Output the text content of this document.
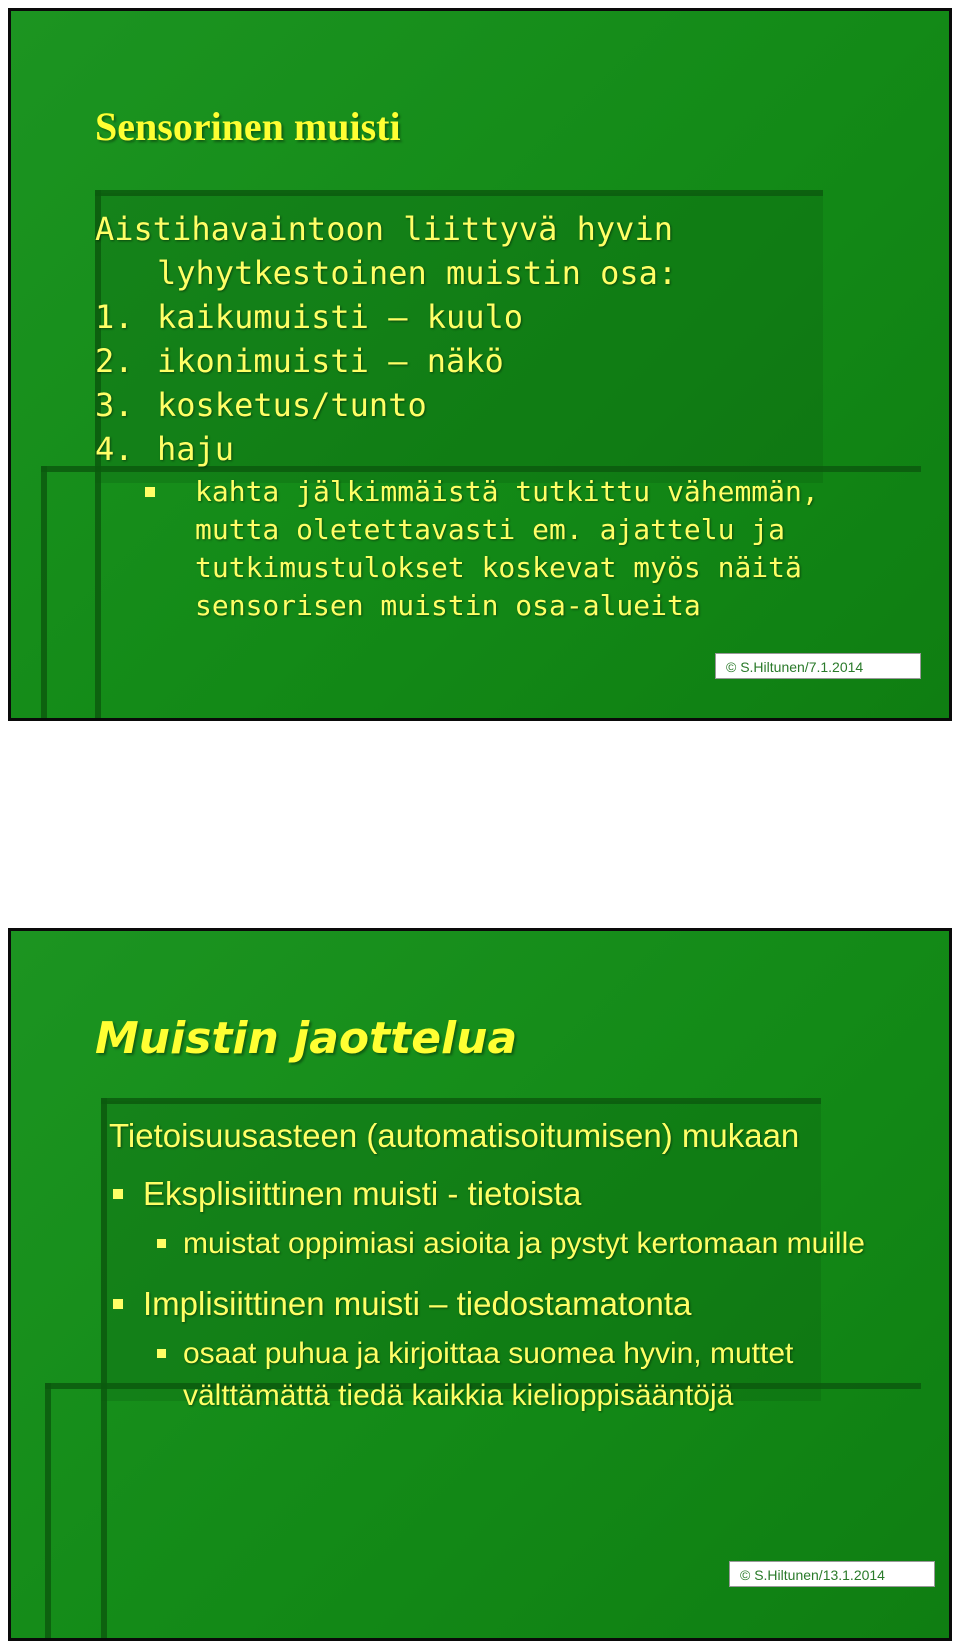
Sensorinen muisti
Aistihavaintoon liittyvä hyvin
lyhytkestoinen muistin osa:
1. kaikumuisti – kuulo
2. ikonimuisti – näkö
3. kosketus/tunto
4. haju
kahta jälkimmäistä tutkittu vähemmän, mutta oletettavasti em. ajattelu ja tutkimustulokset koskevat myös näitä sensorisen muistin osa-alueita
© S.Hiltunen/7.1.2014
Muistin jaottelua
Tietoisuusasteen (automatisoitumisen) mukaan
Eksplisiittinen muisti - tietoista
muistat oppimiasi asioita ja pystyt kertomaan muille
Implisiittinen muisti – tiedostamatonta
osaat puhua ja kirjoittaa suomea hyvin, muttet välttämättä tiedä kaikkia kielioppisääntöjä
© S.Hiltunen/13.1.2014
